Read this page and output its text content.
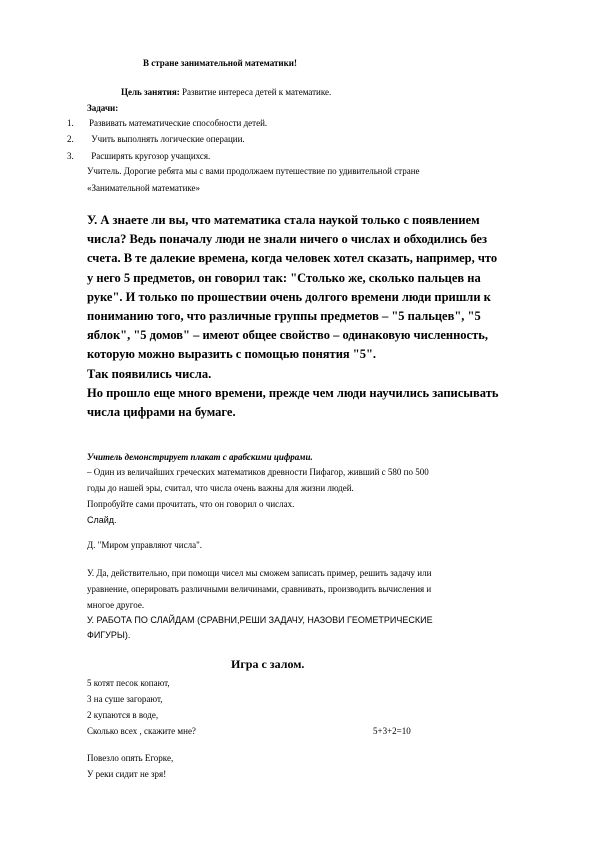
В стране занимательной математики!
Цель занятия: Развитие интереса детей к математике.
Задачи:
1. Развивать математические способности детей.
2. Учить выполнять логические операции.
3. Расширять кругозор учащихся.
Учитель. Дорогие ребята мы с вами продолжаем путешествие по удивительной стране
«Занимательной математике»
У. А знаете ли вы, что математика стала наукой только с появлением
числа? Ведь поначалу люди не знали ничего о числах и обходились без
счета. В те далекие времена, когда человек хотел сказать, например, что
у него 5 предметов, он говорил так: "Столько же, сколько пальцев на
руке". И только по прошествии очень долгого времени люди пришли к
пониманию того, что различные группы предметов – "5 пальцев", "5
яблок", "5 домов" – имеют общее свойство – одинаковую численность,
которую можно выразить с помощью понятия "5".
Так появились числа.
Но прошло еще много времени, прежде чем люди научились записывать
числа цифрами на бумаге.
Учитель демонстрирует плакат с арабскими цифрами.
– Один из величайших греческих математиков древности Пифагор, живший с 580 по 500
годы до нашей эры, считал, что числа очень важны для жизни людей.
Попробуйте сами прочитать, что он говорил о числах.
Слайд.
Д. "Миром управляют числа".
У. Да, действительно, при помощи чисел мы сможем записать пример, решить задачу или
уравнение, оперировать различными величинами, сравнивать, производить вычисления и
многое другое.
У. РАБОТА ПО СЛАЙДАМ (СРАВНИ,РЕШИ ЗАДАЧУ, НАЗОВИ ГЕОМЕТРИЧЕСКИЕ
ФИГУРЫ).
Игра с залом.
5 котят песок копают,
3 на суше загорают,
2 купаются в воде,
Сколько всех , скажите мне?	5+3+2=10
Повезло опять Егорке,
У реки сидит не зря!
